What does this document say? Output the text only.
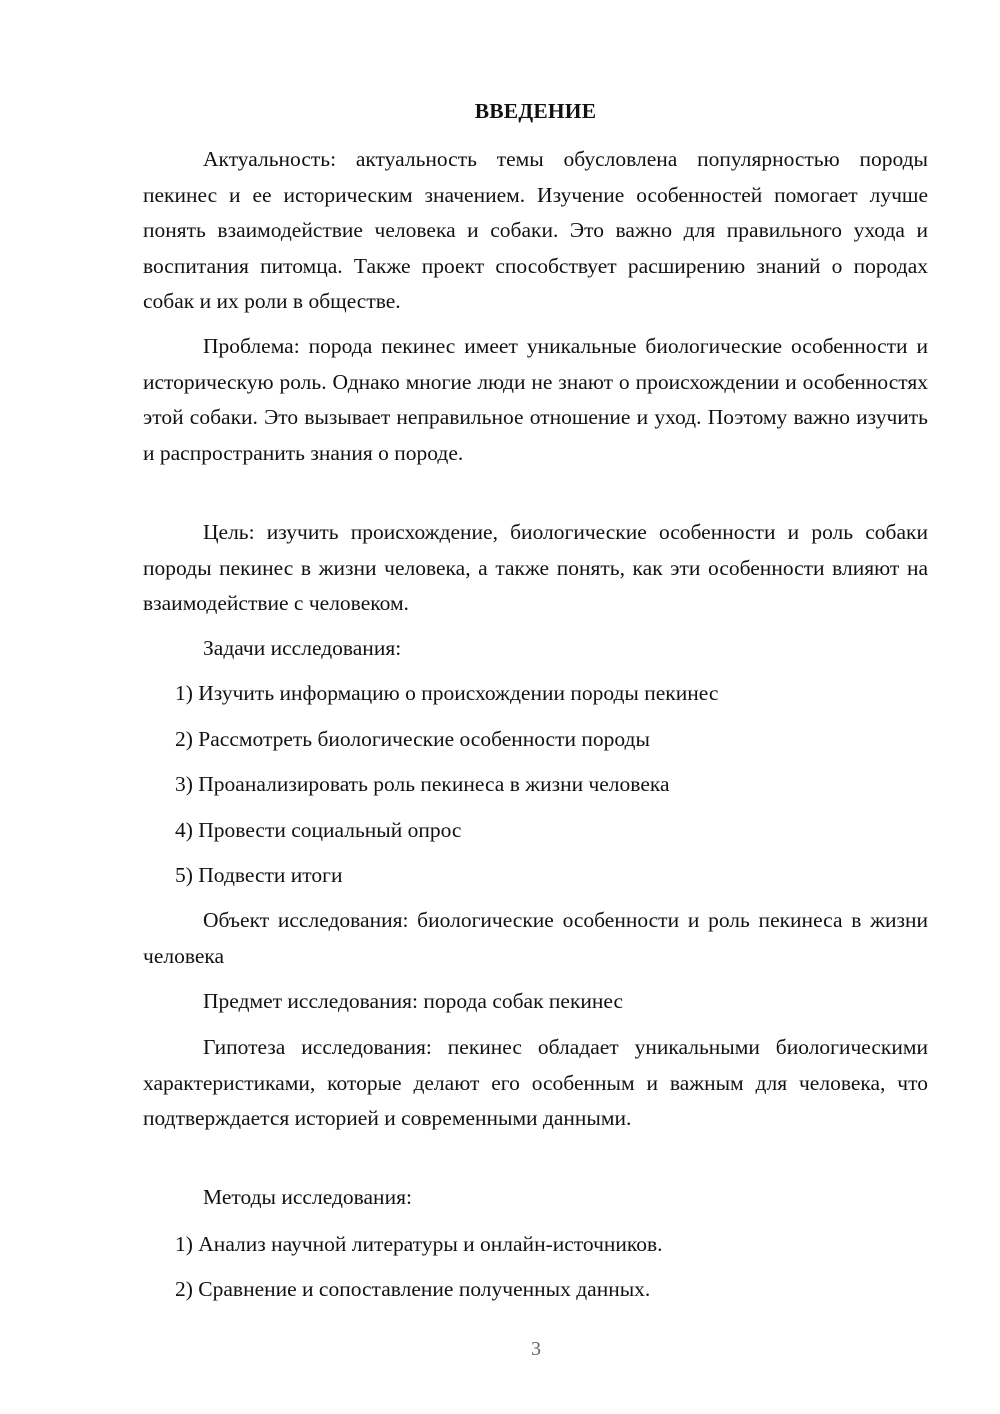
ВВЕДЕНИЕ

Актуальность: актуальность темы обусловлена популярностью породы пекинес и ее историческим значением. Изучение особенностей помогает лучше понять взаимодействие человека и собаки. Это важно для правильного ухода и воспитания питомца. Также проект способствует расширению знаний о породах собак и их роли в обществе.

Проблема: порода пекинес имеет уникальные биологические особенности и историческую роль. Однако многие люди не знают о происхождении и особенностях этой собаки. Это вызывает неправильное отношение и уход. Поэтому важно изучить и распространить знания о породе.

Цель: изучить происхождение, биологические особенности и роль собаки породы пекинес в жизни человека, а также понять, как эти особенности влияют на взаимодействие с человеком.

Задачи исследования:

1) Изучить информацию о происхождении породы пекинес

2) Рассмотреть биологические особенности породы

3) Проанализировать роль пекинеса в жизни человека

4) Провести социальный опрос

5) Подвести итоги

Объект исследования: биологические особенности и роль пекинеса в жизни человека

Предмет исследования: порода собак пекинес

Гипотеза исследования: пекинес обладает уникальными биологическими характеристиками, которые делают его особенным и важным для человека, что подтверждается историей и современными данными.

Методы исследования:

1) Анализ научной литературы и онлайн-источников.

2) Сравнение и сопоставление полученных данных.

3
